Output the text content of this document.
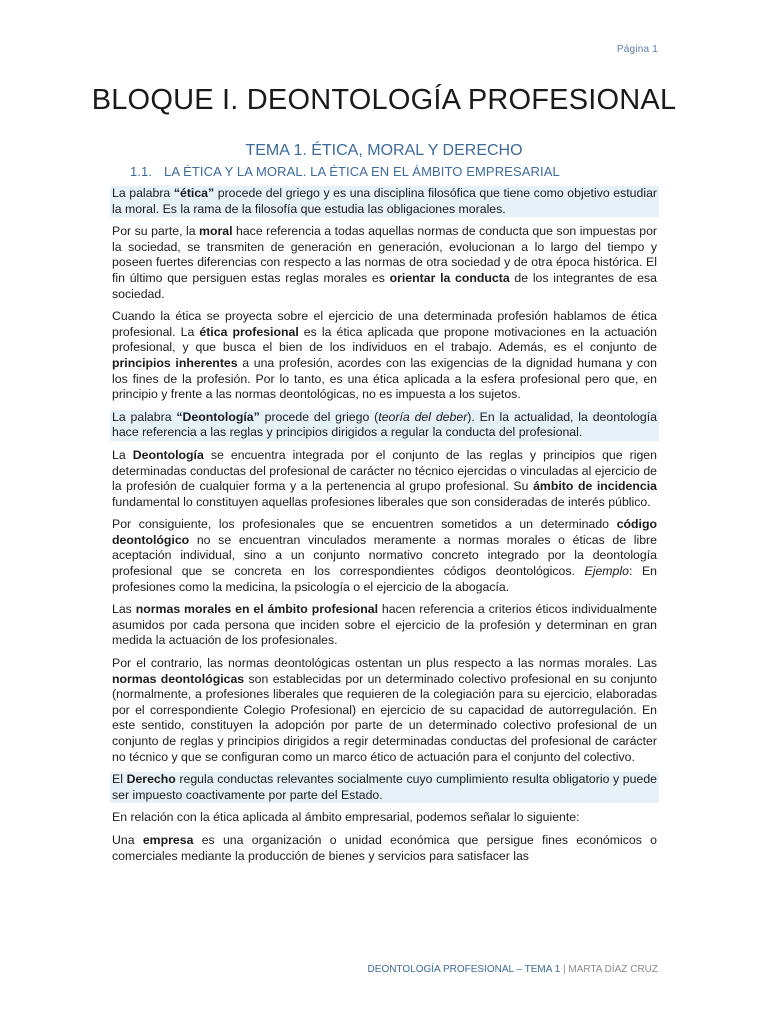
Página 1
BLOQUE I. DEONTOLOGÍA PROFESIONAL
TEMA 1. ÉTICA, MORAL Y DERECHO
1.1. LA ÉTICA Y LA MORAL. LA ÉTICA EN EL ÁMBITO EMPRESARIAL

La palabra “ética” procede del griego y es una disciplina filosófica que tiene como objetivo estudiar la moral. Es la rama de la filosofía que estudia las obligaciones morales.

Por su parte, la moral hace referencia a todas aquellas normas de conducta que son impuestas por la sociedad, se transmiten de generación en generación, evolucionan a lo largo del tiempo y poseen fuertes diferencias con respecto a las normas de otra sociedad y de otra época histórica. El fin último que persiguen estas reglas morales es orientar la conducta de los integrantes de esa sociedad.

Cuando la ética se proyecta sobre el ejercicio de una determinada profesión hablamos de ética profesional. La ética profesional es la ética aplicada que propone motivaciones en la actuación profesional, y que busca el bien de los individuos en el trabajo. Además, es el conjunto de principios inherentes a una profesión, acordes con las exigencias de la dignidad humana y con los fines de la profesión. Por lo tanto, es una ética aplicada a la esfera profesional pero que, en principio y frente a las normas deontológicas, no es impuesta a los sujetos.

La palabra “Deontología” procede del griego (teoría del deber). En la actualidad, la deontología hace referencia a las reglas y principios dirigidos a regular la conducta del profesional.

La Deontología se encuentra integrada por el conjunto de las reglas y principios que rigen determinadas conductas del profesional de carácter no técnico ejercidas o vinculadas al ejercicio de la profesión de cualquier forma y a la pertenencia al grupo profesional. Su ámbito de incidencia fundamental lo constituyen aquellas profesiones liberales que son consideradas de interés público.

Por consiguiente, los profesionales que se encuentren sometidos a un determinado código deontológico no se encuentran vinculados meramente a normas morales o éticas de libre aceptación individual, sino a un conjunto normativo concreto integrado por la deontología profesional que se concreta en los correspondientes códigos deontológicos. Ejemplo: En profesiones como la medicina, la psicología o el ejercicio de la abogacía.

Las normas morales en el ámbito profesional hacen referencia a criterios éticos individualmente asumidos por cada persona que inciden sobre el ejercicio de la profesión y determinan en gran medida la actuación de los profesionales.

Por el contrario, las normas deontológicas ostentan un plus respecto a las normas morales. Las normas deontológicas son establecidas por un determinado colectivo profesional en su conjunto (normalmente, a profesiones liberales que requieren de la colegiación para su ejercicio, elaboradas por el correspondiente Colegio Profesional) en ejercicio de su capacidad de autorregulación. En este sentido, constituyen la adopción por parte de un determinado colectivo profesional de un conjunto de reglas y principios dirigidos a regir determinadas conductas del profesional de carácter no técnico y que se configuran como un marco ético de actuación para el conjunto del colectivo.

El Derecho regula conductas relevantes socialmente cuyo cumplimiento resulta obligatorio y puede ser impuesto coactivamente por parte del Estado.

En relación con la ética aplicada al ámbito empresarial, podemos señalar lo siguiente:

Una empresa es una organización o unidad económica que persigue fines económicos o comerciales mediante la producción de bienes y servicios para satisfacer las

DEONTOLOGÍA PROFESIONAL – TEMA 1 | MARTA DÍAZ CRUZ
